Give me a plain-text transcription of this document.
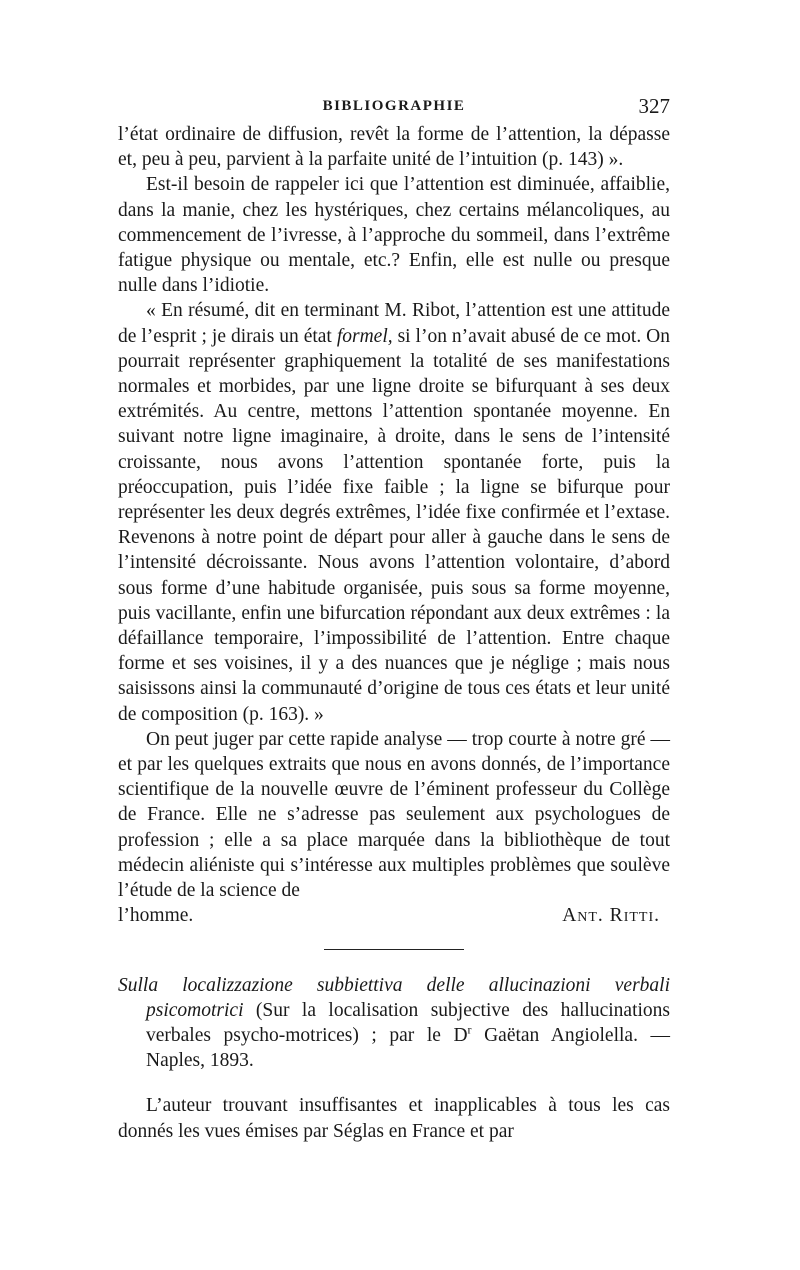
BIBLIOGRAPHIE	327

l’état ordinaire de diffusion, revêt la forme de l’attention, la dépasse et, peu à peu, parvient à la parfaite unité de l’intuition (p. 143) ».

Est-il besoin de rappeler ici que l’attention est diminuée, affaiblie, dans la manie, chez les hystériques, chez certains mélancoliques, au commencement de l’ivresse, à l’approche du sommeil, dans l’extrême fatigue physique ou mentale, etc.? Enfin, elle est nulle ou presque nulle dans l’idiotie.

« En résumé, dit en terminant M. Ribot, l’attention est une attitude de l’esprit ; je dirais un état formel, si l’on n’avait abusé de ce mot. On pourrait représenter graphiquement la totalité de ses manifestations normales et morbides, par une ligne droite se bifurquant à ses deux extrémités. Au centre, mettons l’attention spontanée moyenne. En suivant notre ligne imaginaire, à droite, dans le sens de l’intensité croissante, nous avons l’attention spontanée forte, puis la préoccupation, puis l’idée fixe faible ; la ligne se bifurque pour représenter les deux degrés extrêmes, l’idée fixe confirmée et l’extase. Revenons à notre point de départ pour aller à gauche dans le sens de l’intensité décroissante. Nous avons l’attention volontaire, d’abord sous forme d’une habitude organisée, puis sous sa forme moyenne, puis vacillante, enfin une bifurcation répondant aux deux extrêmes : la défaillance temporaire, l’impossibilité de l’attention. Entre chaque forme et ses voisines, il y a des nuances que je néglige ; mais nous saisissons ainsi la communauté d’origine de tous ces états et leur unité de composition (p. 163). »

On peut juger par cette rapide analyse — trop courte à notre gré — et par les quelques extraits que nous en avons donnés, de l’importance scientifique de la nouvelle œuvre de l’éminent professeur du Collège de France. Elle ne s’adresse pas seulement aux psychologues de profession ; elle a sa place marquée dans la bibliothèque de tout médecin aliéniste qui s’intéresse aux multiples problèmes que soulève l’étude de la science de

l’homme.	Ant. Ritti.

Sulla localizzazione subbiettiva delle allucinazioni verbali psicomotrici (Sur la localisation subjective des hallucinations verbales psycho-motrices) ; par le $D^r$ Gaëtan Angiolella. — Naples, 1893.

L’auteur trouvant insuffisantes et inapplicables à tous les cas donnés les vues émises par Séglas en France et par
